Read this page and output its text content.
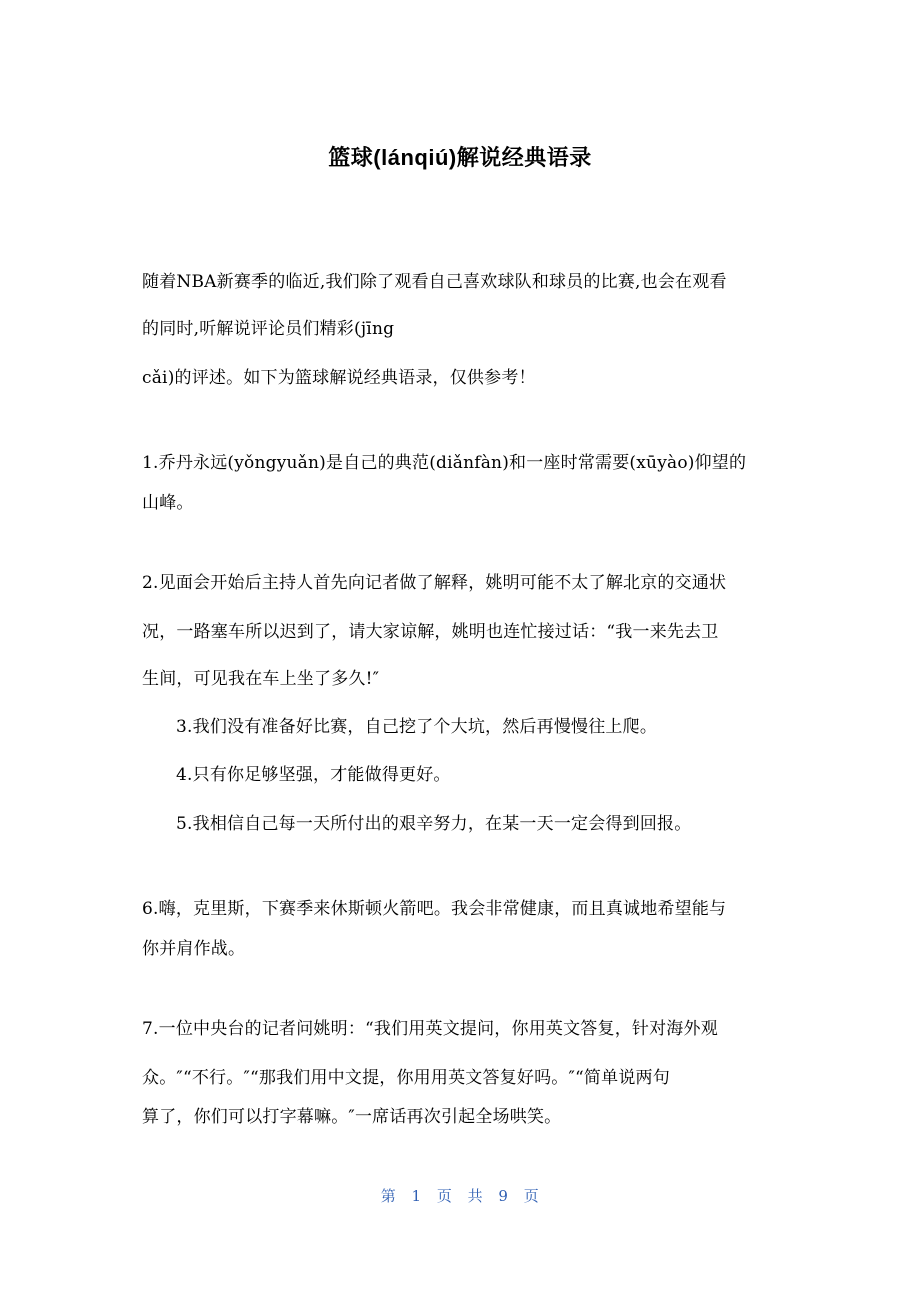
篮球(lánqiú)解说经典语录
随着NBA新赛季的临近,我们除了观看自己喜欢球队和球员的比赛,也会在观看
的同时,听解说评论员们精彩(jīng
cǎi)的评述。如下为篮球解说经典语录，仅供参考！
1.乔丹永远(yǒngyuǎn)是自己的典范(diǎnfàn)和一座时常需要(xūyào)仰望的
山峰。
2.见面会开始后主持人首先向记者做了解释，姚明可能不太了解北京的交通状
况，一路塞车所以迟到了，请大家谅解，姚明也连忙接过话：“我一来先去卫
生间，可见我在车上坐了多久!″
3.我们没有准备好比赛，自己挖了个大坑，然后再慢慢往上爬。
4.只有你足够坚强，才能做得更好。
5.我相信自己每一天所付出的艰辛努力，在某一天一定会得到回报。
6.嗨，克里斯，下赛季来休斯顿火箭吧。我会非常健康，而且真诚地希望能与
你并肩作战。
7.一位中央台的记者问姚明：“我们用英文提问，你用英文答复，针对海外观
众。″“不行。″“那我们用中文提，你用用英文答复好吗。″“简单说两句
算了，你们可以打字幕嘛。″一席话再次引起全场哄笑。
第 1 页 共 9 页
